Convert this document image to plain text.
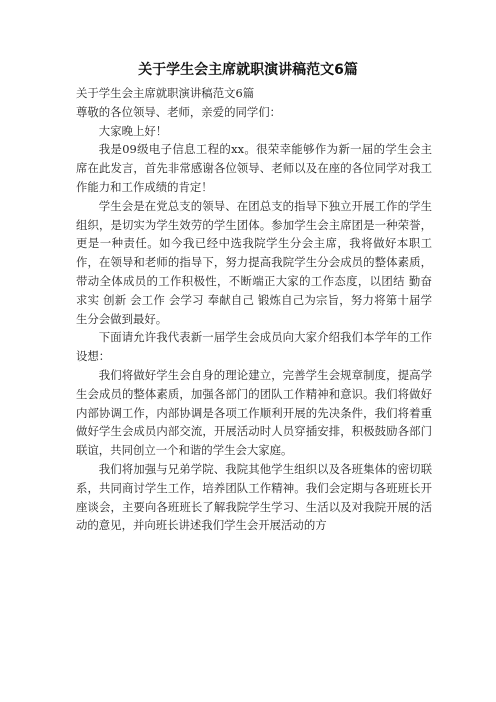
关于学生会主席就职演讲稿范文6篇

关于学生会主席就职演讲稿范文6篇

尊敬的各位领导、老师，亲爱的同学们：

大家晚上好！

我是09级电子信息工程的xx。很荣幸能够作为新一届的学生会主席在此发言，首先非常感谢各位领导、老师以及在座的各位同学对我工作能力和工作成绩的肯定！

学生会是在党总支的领导、在团总支的指导下独立开展工作的学生组织，是切实为学生效劳的学生团体。参加学生会主席团是一种荣誉，更是一种责任。如今我已经中选我院学生分会主席，我将做好本职工作，在领导和老师的指导下，努力提高我院学生分会成员的整体素质，带动全体成员的工作积极性，不断端正大家的工作态度，以团结 勤奋 求实 创新 会工作 会学习 奉献自己 锻炼自己为宗旨，努力将第十届学生分会做到最好。

下面请允许我代表新一届学生会成员向大家介绍我们本学年的工作设想：

我们将做好学生会自身的理论建立，完善学生会规章制度，提高学生会成员的整体素质，加强各部门的团队工作精神和意识。我们将做好内部协调工作，内部协调是各项工作顺利开展的先决条件，我们将着重做好学生会成员内部交流，开展活动时人员穿插安排，积极鼓励各部门联谊，共同创立一个和谐的学生会大家庭。

我们将加强与兄弟学院、我院其他学生组织以及各班集体的密切联系，共同商讨学生工作，培养团队工作精神。我们会定期与各班班长开座谈会，主要向各班班长了解我院学生学习、生活以及对我院开展的活动的意见，并向班长讲述我们学生会开展活动的方
